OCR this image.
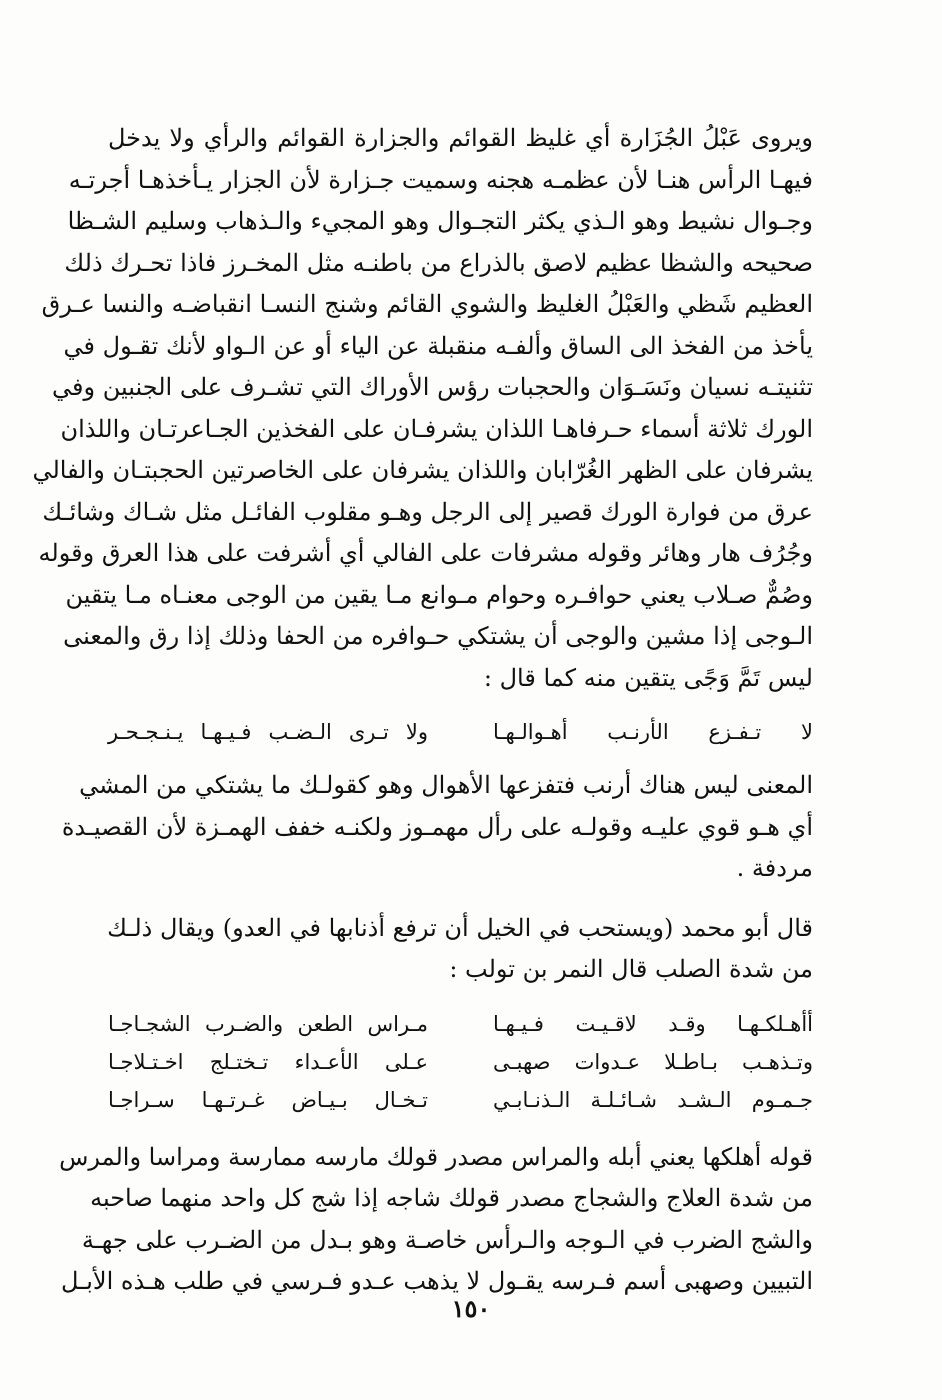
ويروى عَبْلُ الجُزَارة أي غليظ القوائم والجزارة القوائم والرأي ولا يدخل
فيهـا الرأس هنـا لأن عظمـه هجنه وسميت جـزارة لأن الجزار يـأخذهـا أجرتـه
وجـوال نشيط وهو الـذي يكثر التجـوال وهو المجيء والـذهاب وسليم الشـظا
صحيحه والشظا عظيم لاصق بالذراع من باطنـه مثل المخـرز فاذا تحـرك ذلك
العظيم شَظي والعَبْلُ الغليظ والشوي القائم وشنج النسـا انقباضـه والنسا عـرق
يأخذ من الفخذ الى الساق وألفـه منقبلة عن الياء أو عن الـواو لأنك تقـول في
تثنيتـه نسيان ونَسَـوَان والحجبات رؤس الأوراك التي تشـرف على الجنبين وفي
الورك ثلاثة أسماء حـرفاهـا اللذان يشرفـان على الفخذين الجـاعرتـان واللذان
يشرفان على الظهر الغُرّابان واللذان يشرفان على الخاصرتين الحجبتـان والفالي
عرق من فوارة الورك قصير إلى الرجل وهـو مقلوب الفائـل مثل شـاك وشائـك
وجُرُف هار وهائر وقوله مشرفات على الفالي أي أشرفت على هذا العرق وقوله
وصُمٌّ صـلاب يعني حوافـره وحوام مـوانع مـا يقين من الوجى معنـاه مـا يتقين
الـوجى إذا مشين والوجى أن يشتكي حـوافره من الحفا وذلك إذا رق والمعنى
ليس تَمَّ وَجًى يتقين منه كما قال :
لا تـفـزع الأرنـب أهـوالـهـا
ولا تـرى الـضـب فـيـهـا يـنـجـحـر
المعنى ليس هناك أرنب فتفزعها الأهوال وهو كقولـك ما يشتكي من المشي
أي هـو قوي عليـه وقولـه على رأل مهمـوز ولكنـه خفف الهمـزة لأن القصيـدة
مردفة .
قال أبو محمد (ويستحب في الخيل أن ترفع أذنابها في العدو) ويقال ذلـك
من شدة الصلب قال النمر بن تولب :
أأهـلكـهـا وقـد لاقـيـت فـيـهـا
مـراس الطعن والضـرب الشجـاجـا
وتـذهـب بـاطـلا عـدوات صهبـى
عـلى الأعـداء تـختـلج اخـتـلاجـا
جـمـوم الـشـد شـائـلـة الـذنـابـي
تـخـال بـيـاض غـرتـهـا سـراجـا
قوله أهلكها يعني أبله والمراس مصدر قولك مارسه ممارسة ومراسا والمرس
من شدة العلاج والشجاج مصدر قولك شاجه إذا شج كل واحد منهما صاحبه
والشج الضرب في الـوجه والـرأس خاصـة وهو بـدل من الضـرب على جهـة
التبيين وصهبى أسم فـرسه يقـول لا يذهب عـدو فـرسي في طلب هـذه الأبـل
١٥٠
